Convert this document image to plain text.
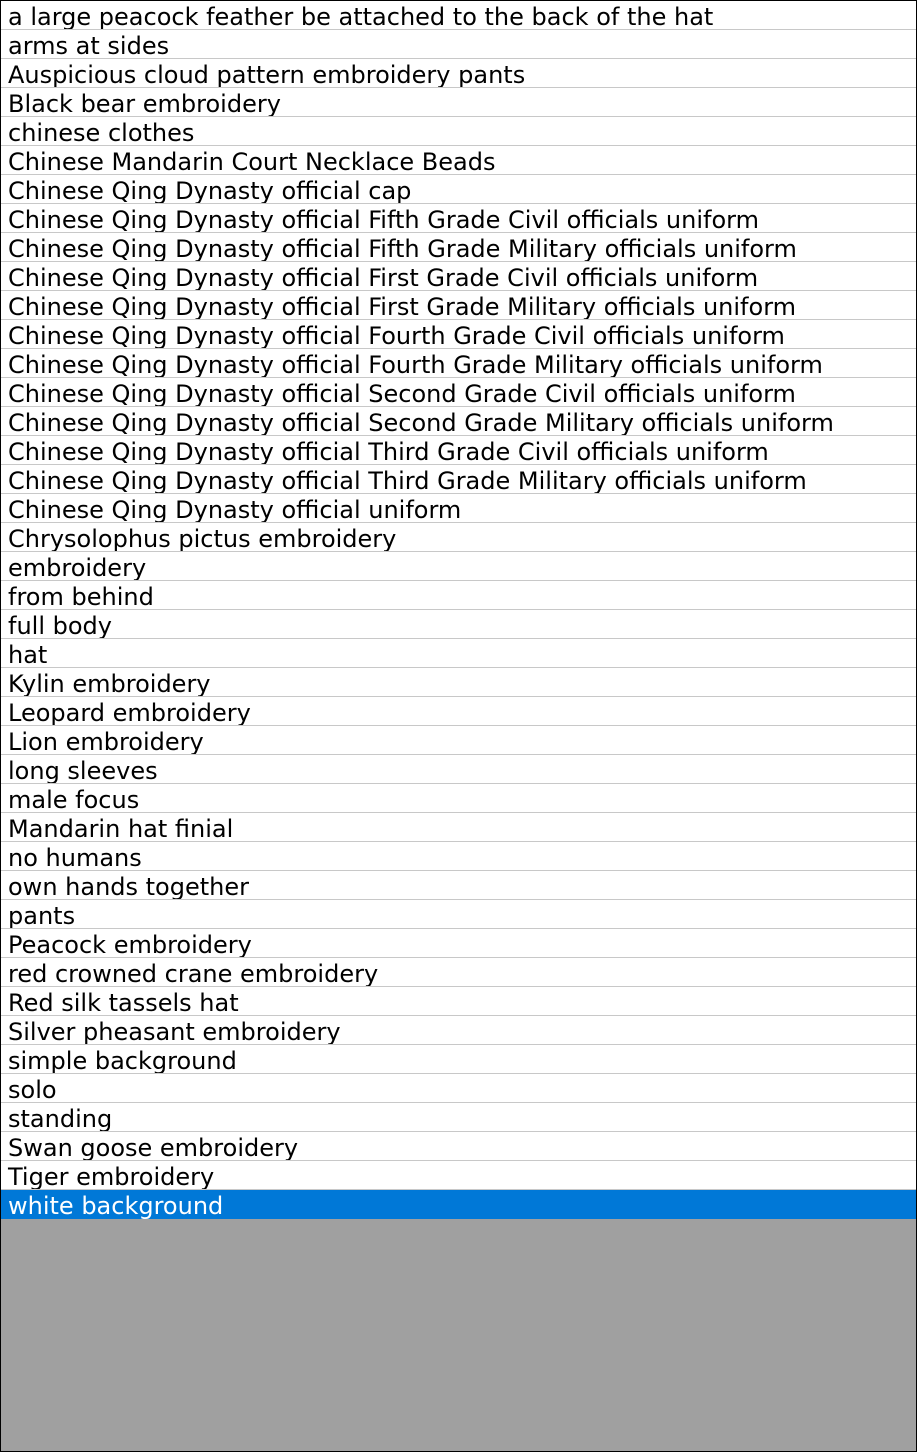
a large peacock feather be attached to the back of the hat
arms at sides
Auspicious cloud pattern embroidery pants
Black bear embroidery
chinese clothes
Chinese Mandarin Court Necklace Beads
Chinese Qing Dynasty official cap
Chinese Qing Dynasty official Fifth Grade Civil officials uniform
Chinese Qing Dynasty official Fifth Grade Military officials uniform
Chinese Qing Dynasty official First Grade Civil officials uniform
Chinese Qing Dynasty official First Grade Military officials uniform
Chinese Qing Dynasty official Fourth Grade Civil officials uniform
Chinese Qing Dynasty official Fourth Grade Military officials uniform
Chinese Qing Dynasty official Second Grade Civil officials uniform
Chinese Qing Dynasty official Second Grade Military officials uniform
Chinese Qing Dynasty official Third Grade Civil officials uniform
Chinese Qing Dynasty official Third Grade Military officials uniform
Chinese Qing Dynasty official uniform
Chrysolophus pictus embroidery
embroidery
from behind
full body
hat
Kylin embroidery
Leopard embroidery
Lion embroidery
long sleeves
male focus
Mandarin hat finial
no humans
own hands together
pants
Peacock embroidery
red crowned crane embroidery
Red silk tassels hat
Silver pheasant embroidery
simple background
solo
standing
Swan goose embroidery
Tiger embroidery
white background
